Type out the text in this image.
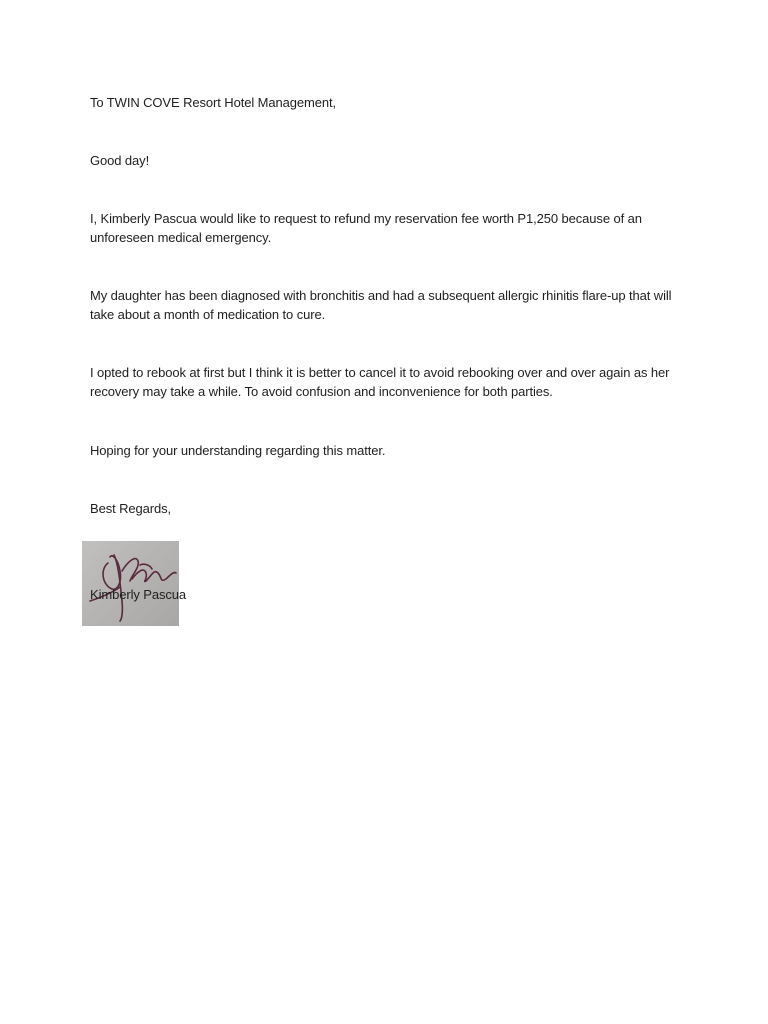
To TWIN COVE Resort Hotel Management,

Good day!

I, Kimberly Pascua would like to request to refund my reservation fee worth P1,250 because of an unforeseen medical emergency.

My daughter has been diagnosed with bronchitis and had a subsequent allergic rhinitis flare-up that will take about a month of medication to cure.

I opted to rebook at first but I think it is better to cancel it to avoid rebooking over and over again as her recovery may take a while. To avoid confusion and inconvenience for both parties.

Hoping for your understanding regarding this matter.

Best Regards,

Kimberly Pascua
